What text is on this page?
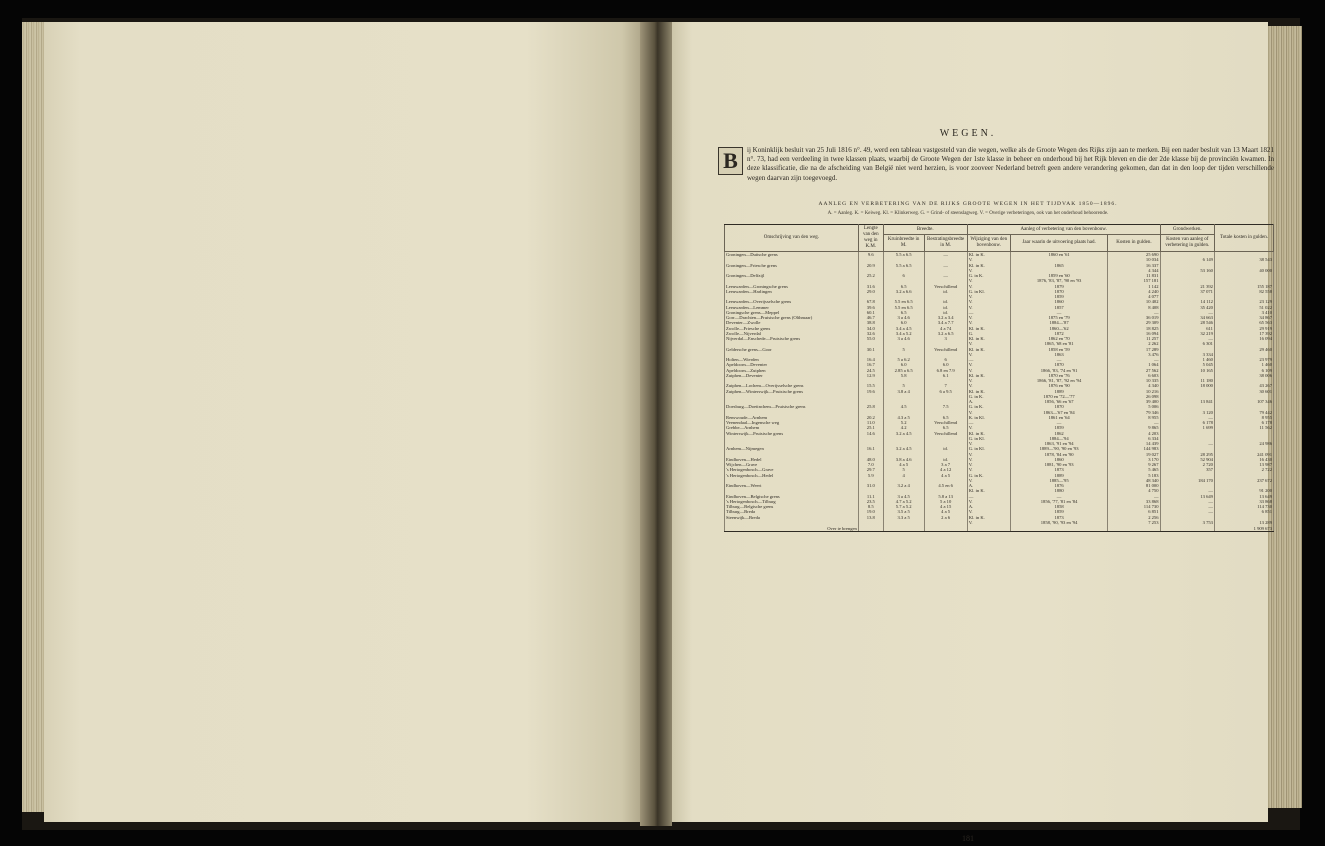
WEGEN.
B	ij Koninklijk besluit van 25 Juli 1816 n°. 49, werd een tableau vastgesteld van die wegen, welke als de Groote Wegen des Rijks zijn aan te merken. Bij een nader besluit van 13 Maart 1821 n°. 73, had een verdeeling in twee klassen plaats, waarbij de Groote Wegen der 1ste klasse in beheer en onderhoud bij het Rijk bleven en die der 2de klasse bij de provinciën kwamen. In deze klassificatie, die na de afscheiding van België niet werd herzien, is voor zooveer Nederland betreft geen andere verandering gekomen, dan dat in den loop der tijden verschillende wegen daarvan zijn toegevoegd.
AANLEG EN VERBETERING VAN DE RIJKS GROOTE WEGEN IN HET TIJDVAK 1850—1896.
A. = Aanleg. K. = Keiweg. Kl. = Klinkerweg. G. = Grind- of steenslagweg. V. = Overige verbeteringen, ook van het onderhoud behoorende.
Omschrijving van den weg.	Lengte van den weg in K.M.	Breedte.		Aanleg of verbetering van den bovenbouw.			Grondwerken.	Totale kosten in gulden.
		Kruinbreedte in M.	Bestratingsbreedte in M.	Wijziging van den bovenbouw.	Jaar waarin de uitvoering plaats had.	Kosten in gulden.	Kosten van aanleg of verbetering in gulden.	
Groningen—Duitsche grens	9.6	5.5 a 6.5	—	Kl. in K.	1860 en '61	25 690		
				V.		10 034	6 149	38 543
Groningen—Friesche grens	20.9	5.5 a 6.5	—	Kl. in K.	1865	16 337		
				V.		4 344	53 160	40 000
Groningen—Delfzijl	25.2	6	—	G. in K.	1859 en '60	11 831		
				V.	1876, '83, '87, '90 en '93	157 181		
Leeuwarden—Groningsche grens	31.6	6.5	Verschillend	V.	1879	1 142	21 392	155 187
Leeuwarden—Harlingen	29.0	3.2 a 6.6	id.	G. in Kl.	1870	4 240	37 071	82 558
				V.	1859	4 077		
Leeuwarden—Overijsselsche grens	67.8	5.5 en 6.5	id.	V.	1860	10 402	14 112	23 129
Leeuwarden—Lemmer	39.6	5.5 en 6.5	id.	V.	1857	8 408	35 420	51 022
Groningsche grens—Meppel	60.1	6.5	id.	—	—	—	—	3 410
Gorr—Drachten—Pruisische grens (Olthmaar)	46.7	3 a 4.6	3.2 a 3.4	V.	1875 en '79	36 019	34 663	34 867
Deventer—Zwolle	38.8	6.0	3.4 a 7.7	V.	1884—'87	29 309	28 546	65 563
Zwolle—Friesche grens	34.0	3.4 a 4.5	4 a 74	Kl. in K.	1860—'62	18 825	611	29 919
Zwolle—Nijverdal	32.6	3.4 a 5.2	3.2 a 6.5	G.	1872	16 094	32 219	17 392
Nijverdal—Enschede—Pruisische grens	55.0	3 a 4.6	3	Kl. in K.	1862 en '70	11 257	—	16 094
				V.	1865, '68 en '81	2 262	6 301	
Geldersche grens—Goor	30.1	5	Verschillend	Kl. in K.	1858 en '59	17 289		29 460
				V.	1863	3 476	3 334	
Holten—Wierden	16.4	5 a 6.2	6	—	—	—	1 460	23 979
Apeldoorn—Deventer	16.7	6.0	6.0	V.	1870	1 064	5 045	1 460
Apeldoorn—Zutphen	24.5	2.85 a 6.5	6.8 en 7.9	V.	1866, '83, '74 en '91	27 562	10 165	6 109
Zutphen—Deventer	12.9	5.8	6.1	Kl. in K.	1870 en '76	6 603		38 006
				V.	1866, '81, '87, '92 en '94	10 335	11 180	
Zutphen—Lochem—Overijsselsche grens	15.5	5	7	V.	1876 en '90	4 340	18 000	43 267
Zutphen—Winterswijk—Pruisische grens	19.6	3.8 a 4	6 a 9.5	Kl. in K.	1889	10 216		30 601
				G. in K.	1870 en '72—'77	26 098		
				A.	1856, '66 en '67	39 400	13 841	107 346
Doesburg—Doetinchem—Pruisische grens	25.8	4.5	7.5	G. in K.	1870	5 006		
				V.	1863—'67 en '84	79 346	3 120	79 442
Renswoude—Arnhem	20.2	4.3 a 5	6.5	K. in Kl.	1861 en '64	8 955	—	8 955
Veenendaal—Ingensche weg	11.0	5.2	Verschillend	—	—	—	6 178	6 178
Grebbe—Arnhem	25.1	4.2	6.5	V.	1859	9 865	1 699	11 562
Winterswijk—Pruisische grens	14.6	3.2 a 4.5	Verschillend	Kl. in K.	1862	4 203		
				G. in Kl.	1884—'94	6 334		
				V.	1863, '91 en '94	14 439	—	24 986
Arnhem—Nijmegen	16.1	3.2 a 4.5	id.	G. in Kl.	1889—'90, '90 en '93	144 983		
				V.	1878, '84 en '90	19 027	28 295	241 091
Eindhoven—Hedel	48.0	3.8 a 4.6	id.	V.	1860	3 170	52 904	16 430
Wijchen—Grave	7.0	4 a 5	3 a 7	V.	1881, '90 en '93	9 267	2 720	13 987
's Hertogenbosch—Grave	29.7	5	4 a 12	V.	1873	5 465	357	2 722
's Hertogenbosch—Hedel	5.9	4	4 a 5	G. in K.	1889	5 183		
				V.	1885—'95	48 340	184 170	237 672
Eindhoven—Weert	31.0	3.2 a 4	4.5 en 6	A.	1876	81 000		
				Kl. in K.	1880	4 750	—	91 200
Eindhoven—Belgische grens	11.1	3 a 4.5	5.8 a 13	—	—	—	13 649	13 649
's Hertogenbosch—Tilburg	23.5	4.7 a 5.2	5 a 10	V.	1856, '77, '81 en '84	33 868	—	33 868
Tilburg—Belgische grens	8.5	5.7 a 5.2	4 a 15	A.	1858	114 730	—	114 730
Tilburg—Breda	19.0	3.5 a 5	4 a 5	V.	1859	6 851	—	6 851
Steenwijk—Breda	13.8	3.3 a 5	2 a 6	Kl. in K.	1873	2 256		
				V.	1858, '90, '93 en '94	7 253	3 753	13 289
Over te brengen								1 909 673
181
